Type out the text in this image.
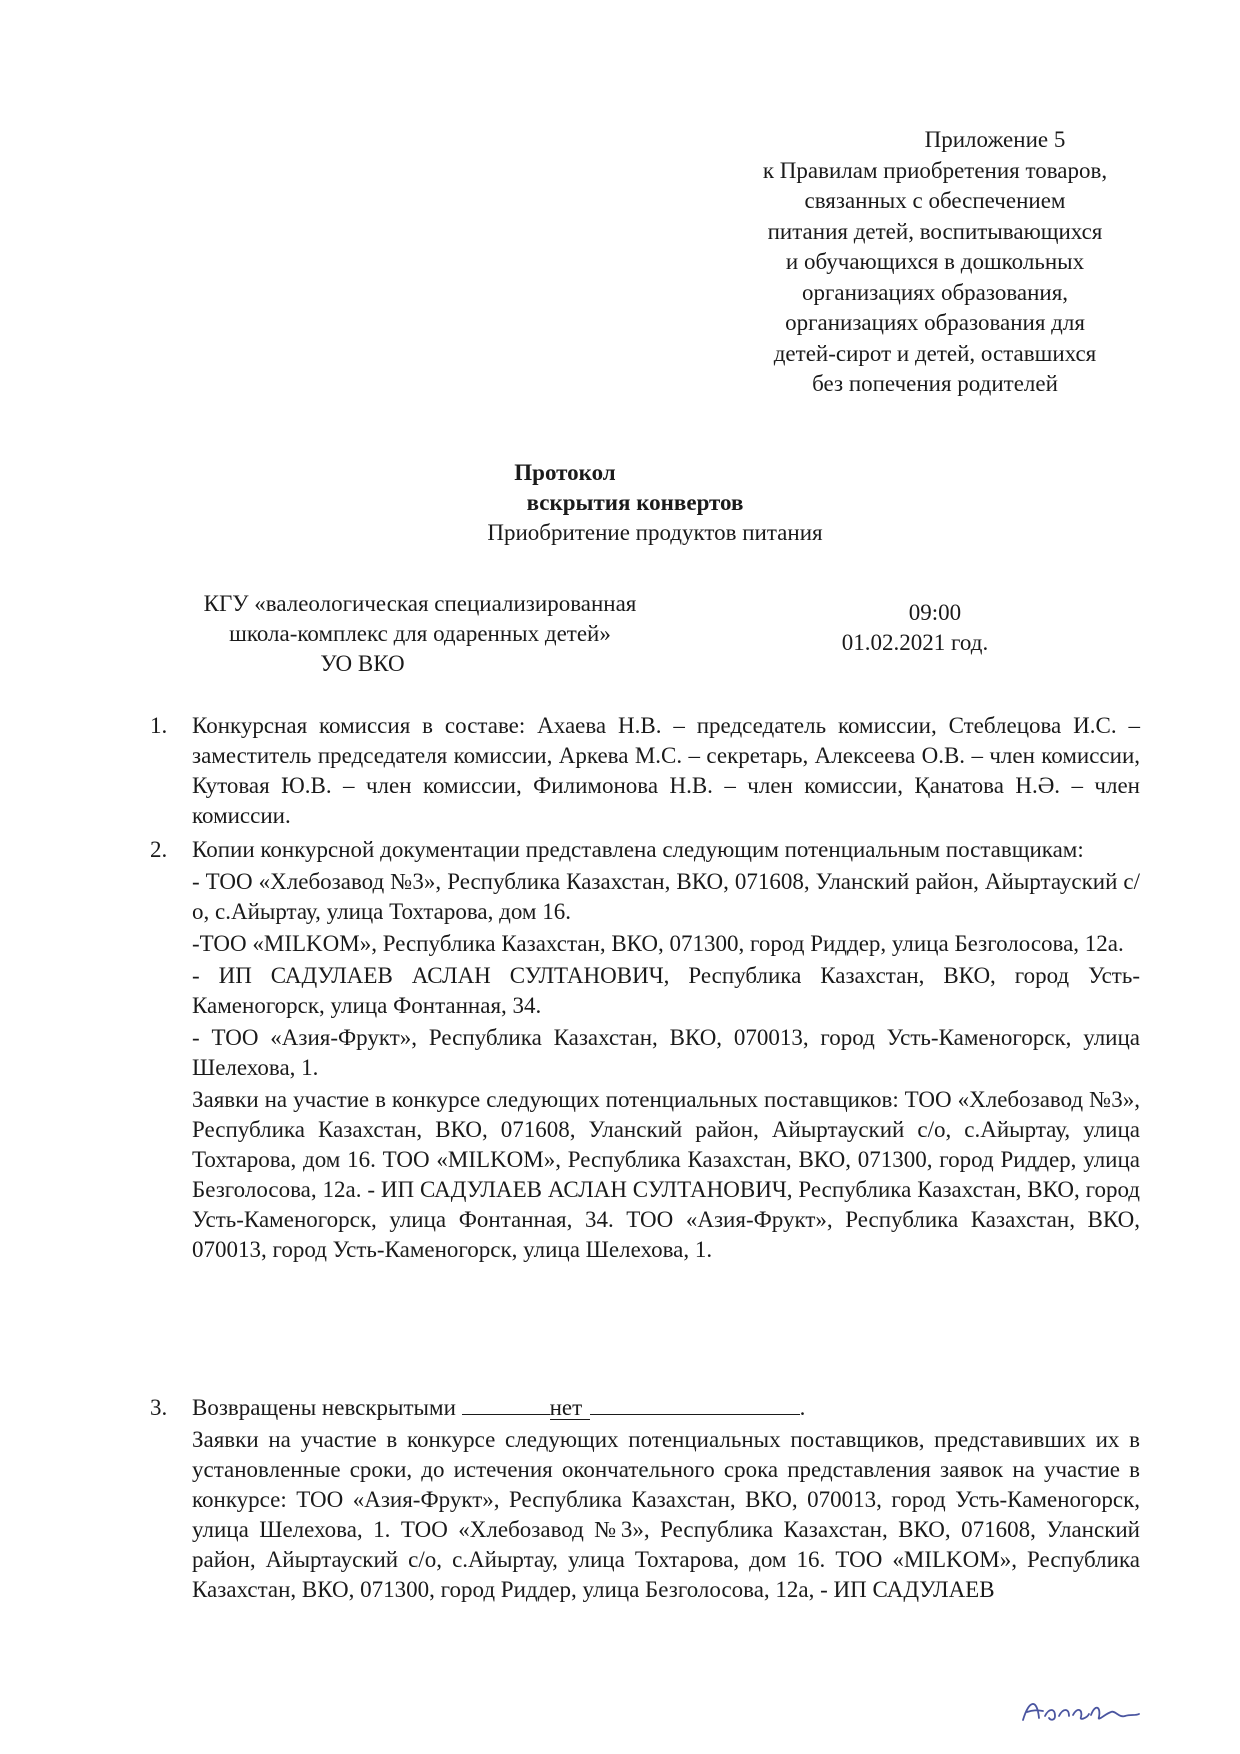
Приложение 5
к Правилам приобретения товаров,
связанных с обеспечением
питания детей, воспитывающихся
и обучающихся в дошкольных
организациях образования,
организациях образования для
детей-сирот и детей, оставшихся
без попечения родителей
Протокол
вскрытия конвертов
Приобритение продуктов питания
КГУ «валеологическая специализированная
школа-комплекс для одаренных детей»
УО ВКО
09:00
01.02.2021 год.
1.	Конкурсная комиссия в составе: Ахаева Н.В. – председатель комиссии, Стеблецова И.С. – заместитель председателя комиссии, Аркева М.С. – секретарь, Алексеева О.В. – член комиссии, Кутовая Ю.В. – член комиссии, Филимонова Н.В. – член комиссии, Қанатова Н.Ә. – член комиссии.

2.	Копии конкурсной документации представлена следующим потенциальным поставщикам:

- ТОО «Хлебозавод №3», Республика Казахстан, ВКО, 071608, Уланский район, Айыртауский с/о, с.Айыртау, улица Тохтарова, дом 16.

-ТОО «MILKOM», Республика Казахстан, ВКО, 071300, город Риддер, улица Безголосова, 12а.

- ИП САДУЛАЕВ АСЛАН СУЛТАНОВИЧ, Республика Казахстан, ВКО, город Усть-Каменогорск, улица Фонтанная, 34.

- ТОО «Азия-Фрукт», Республика Казахстан, ВКО, 070013, город Усть-Каменогорск, улица Шелехова, 1.

Заявки на участие в конкурсе следующих потенциальных поставщиков: ТОО «Хлебозавод №3», Республика Казахстан, ВКО, 071608, Уланский район, Айыртауский с/о, с.Айыртау, улица Тохтарова, дом 16. ТОО «MILKOM», Республика Казахстан, ВКО, 071300, город Риддер, улица Безголосова, 12а. - ИП САДУЛАЕВ АСЛАН СУЛТАНОВИЧ, Республика Казахстан, ВКО, город Усть-Каменогорск, улица Фонтанная, 34. ТОО «Азия-Фрукт», Республика Казахстан, ВКО, 070013, город Усть-Каменогорск, улица Шелехова, 1.

3.	Возвращены невскрытыми	нет	.

Заявки на участие в конкурсе следующих потенциальных поставщиков, представивших их в установленные сроки, до истечения окончательного срока представления заявок на участие в конкурсе: ТОО «Азия-Фрукт», Республика Казахстан, ВКО, 070013, город Усть-Каменогорск, улица Шелехова, 1. ТОО «Хлебозавод №3», Республика Казахстан, ВКО, 071608, Уланский район, Айыртауский с/о, с.Айыртау, улица Тохтарова, дом 16. ТОО «MILKOM», Республика Казахстан, ВКО, 071300, город Риддер, улица Безголосова, 12а, - ИП САДУЛАЕВ
